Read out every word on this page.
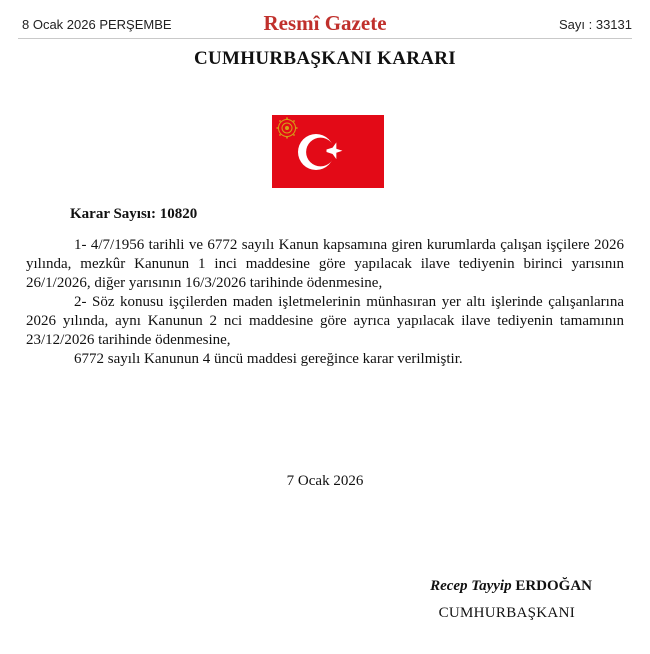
8 Ocak 2026 PERŞEMBE	Resmî Gazete	Sayı : 33131
CUMHURBAŞKANI KARARI
Karar Sayısı: 10820

1- 4/7/1956 tarihli ve 6772 sayılı Kanun kapsamına giren kurumlarda çalışan işçilere 2026 yılında, mezkûr Kanunun 1 inci maddesine göre yapılacak ilave tediyenin birinci yarısının 26/1/2026, diğer yarısının 16/3/2026 tarihinde ödenmesine,

2- Söz konusu işçilerden maden işletmelerinin münhasıran yer altı işlerinde çalışanlarına 2026 yılında, aynı Kanunun 2 nci maddesine göre ayrıca yapılacak ilave tediyenin tamamının 23/12/2026 tarihinde ödenmesine,

6772 sayılı Kanunun 4 üncü maddesi gereğince karar verilmiştir.

7 Ocak 2026
Recep Tayyip ERDOĞAN
CUMHURBAŞKANI
